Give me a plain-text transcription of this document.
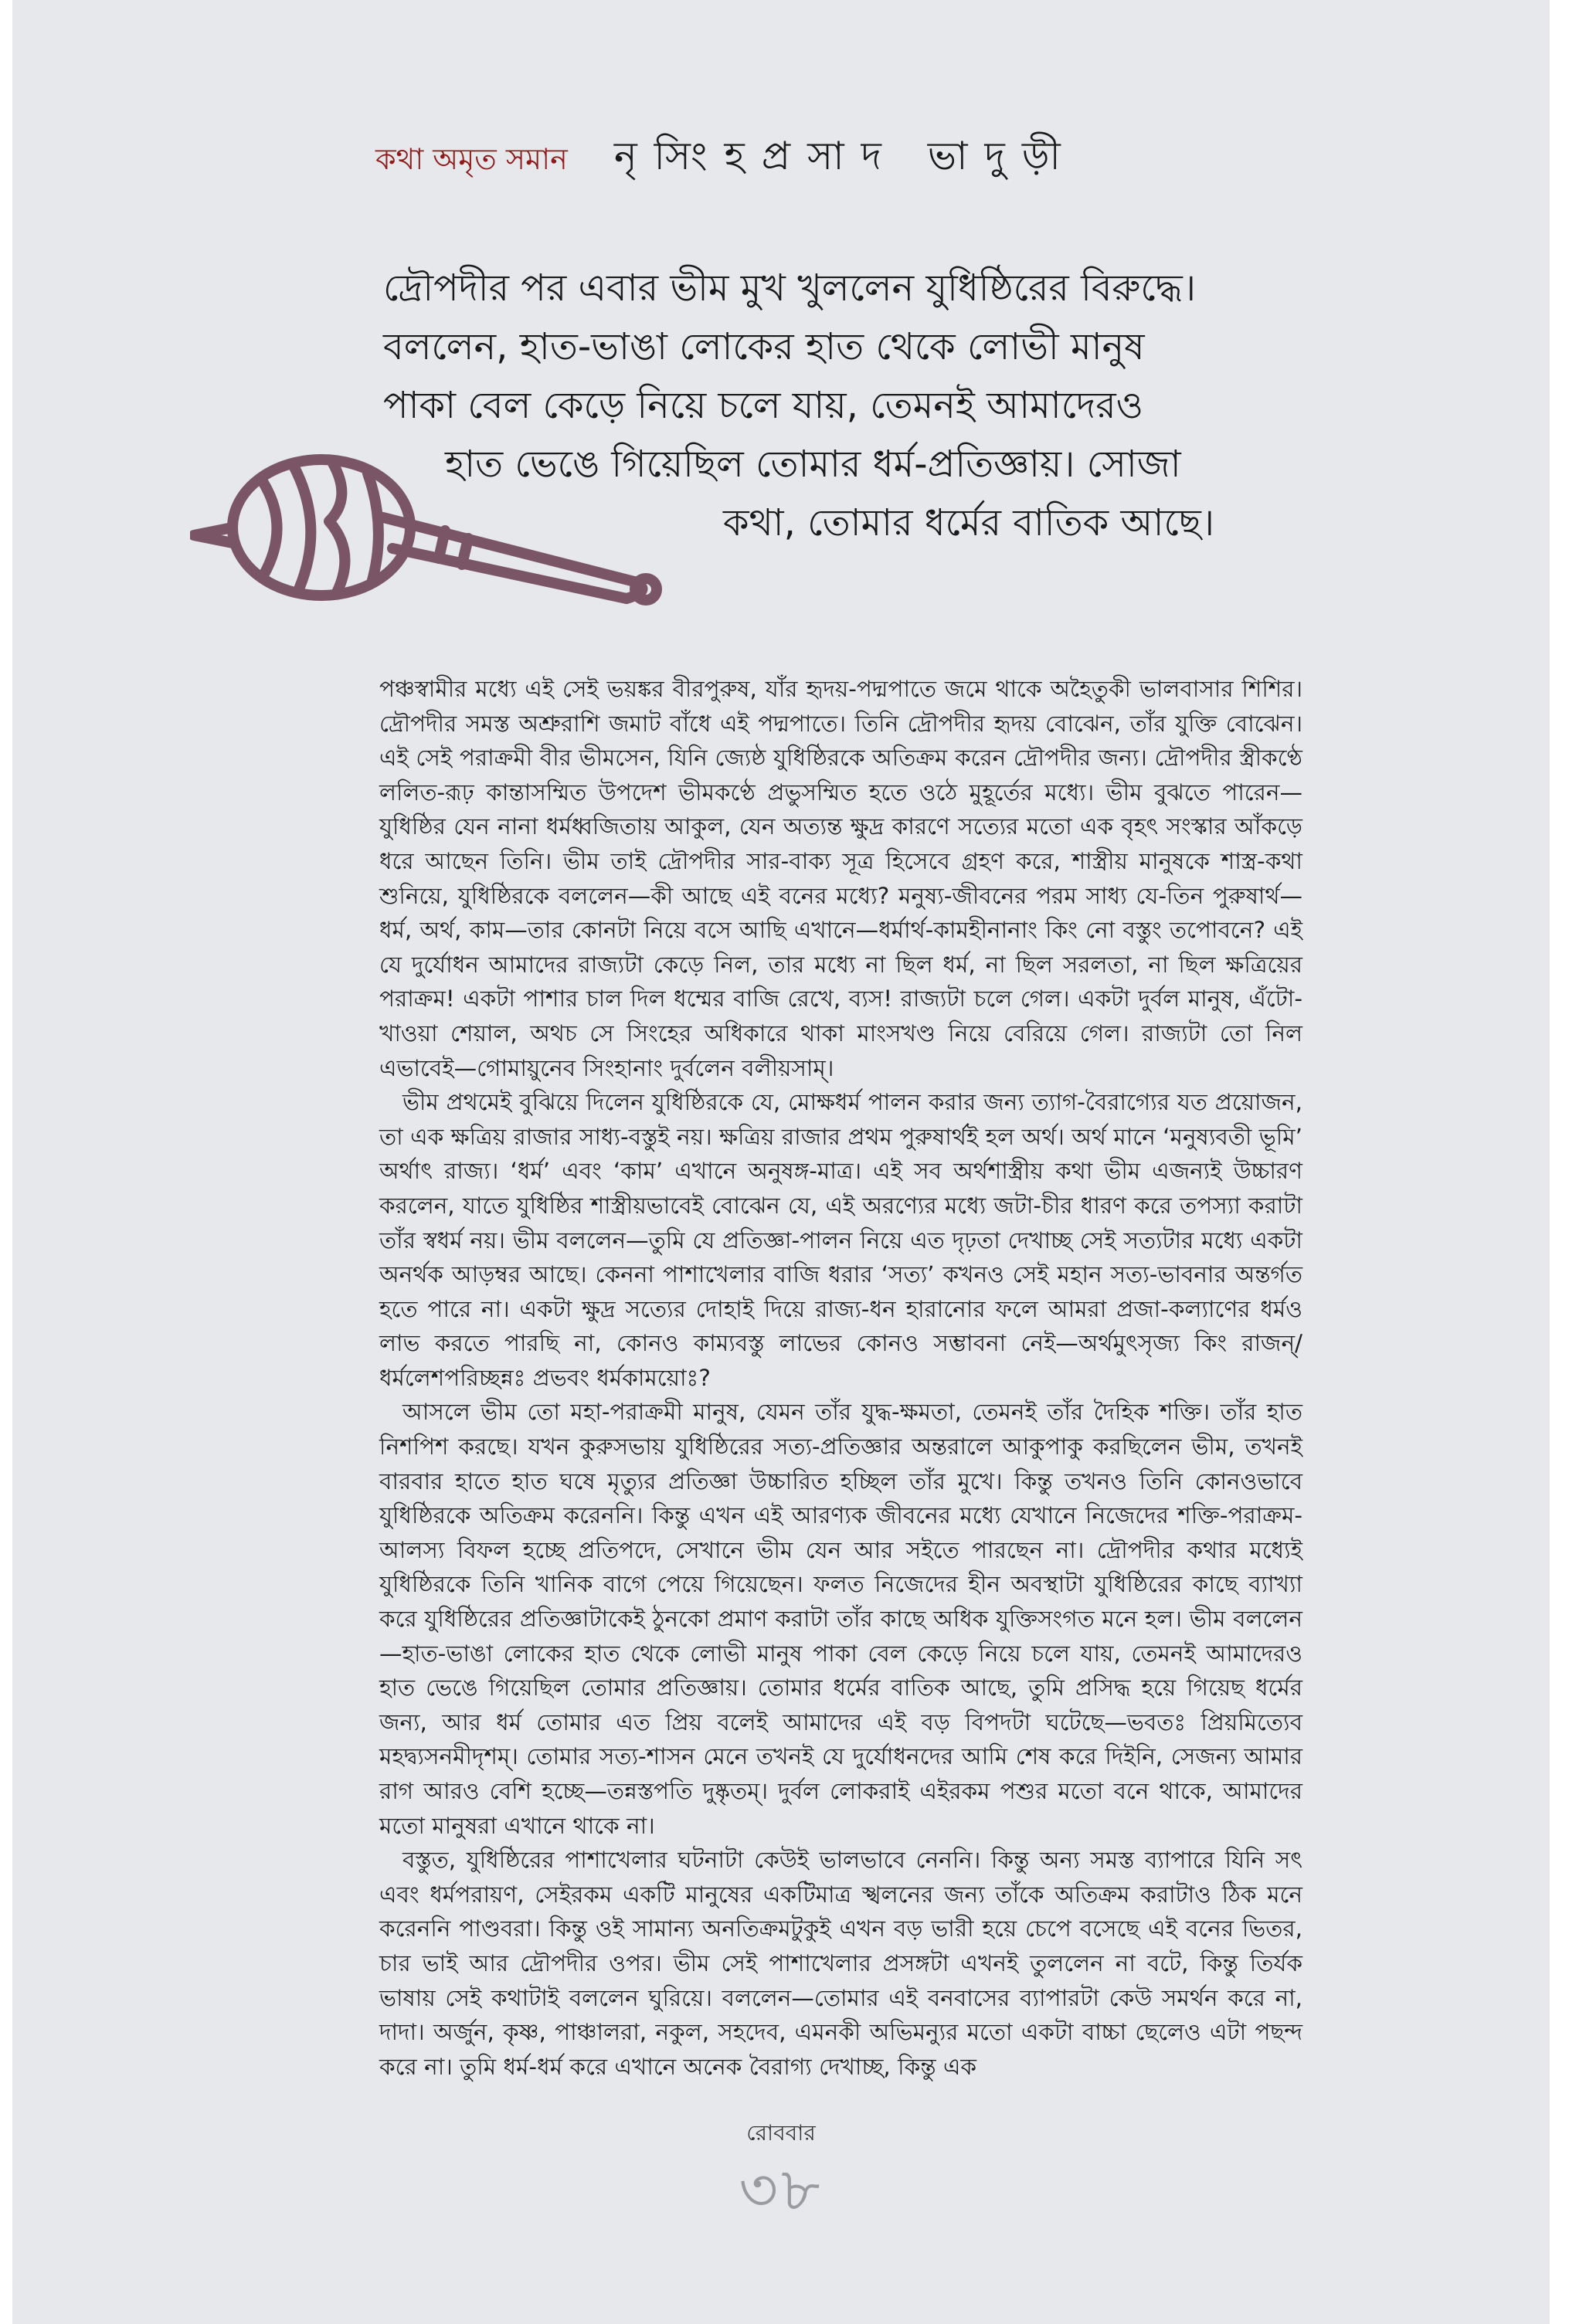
কথা অমৃত সমান নৃসিংহপ্রসাদ ভাদুড়ী
দ্রৌপদীর পর এবার ভীম মুখ খুললেন যুধিষ্ঠিরের বিরুদ্ধে।
বললেন, হাত-ভাঙা লোকের হাত থেকে লোভী মানুষ
পাকা বেল কেড়ে নিয়ে চলে যায়, তেমনই আমাদেরও
হাত ভেঙে গিয়েছিল তোমার ধর্ম-প্রতিজ্ঞায়। সোজা
কথা, তোমার ধর্মের বাতিক আছে।

পঞ্চস্বামীর মধ্যে এই সেই ভয়ঙ্কর বীরপুরুষ, যাঁর হৃদয়-পদ্মপাতে জমে থাকে অহৈতুকী ভালবাসার শিশির। দ্রৌপদীর সমস্ত অশ্রুরাশি জমাট বাঁধে এই পদ্মপাতে। তিনি দ্রৌপদীর হৃদয় বোঝেন, তাঁর যুক্তি বোঝেন। এই সেই পরাক্রমী বীর ভীমসেন, যিনি জ্যেষ্ঠ যুধিষ্ঠিরকে অতিক্রম করেন দ্রৌপদীর জন্য। দ্রৌপদীর স্ত্রীকণ্ঠে ললিত-রূঢ় কান্তাসম্মিত উপদেশ ভীমকণ্ঠে প্রভুসম্মিত হতে ওঠে মুহূর্তের মধ্যে। ভীম বুঝতে পারেন—যুধিষ্ঠির যেন নানা ধর্মধ্বজিতায় আকুল, যেন অত্যন্ত ক্ষুদ্র কারণে সত্যের মতো এক বৃহৎ সংস্কার আঁকড়ে ধরে আছেন তিনি। ভীম তাই দ্রৌপদীর সার-বাক্য সূত্র হিসেবে গ্রহণ করে, শাস্ত্রীয় মানুষকে শাস্ত্র-কথা শুনিয়ে, যুধিষ্ঠিরকে বললেন—কী আছে এই বনের মধ্যে? মনুষ্য-জীবনের পরম সাধ্য যে-তিন পুরুষার্থ—ধর্ম, অর্থ, কাম—তার কোনটা নিয়ে বসে আছি এখানে—ধর্মার্থ-কামহীনানাং কিং নো বস্তুং তপোবনে? এই যে দুর্যোধন আমাদের রাজ্যটা কেড়ে নিল, তার মধ্যে না ছিল ধর্ম, না ছিল সরলতা, না ছিল ক্ষত্রিয়ের পরাক্রম! একটা পাশার চাল দিল ধম্মের বাজি রেখে, ব্যস! রাজ্যটা চলে গেল। একটা দুর্বল মানুষ, এঁটো-খাওয়া শেয়াল, অথচ সে সিংহের অধিকারে থাকা মাংসখণ্ড নিয়ে বেরিয়ে গেল। রাজ্যটা তো নিল এভাবেই—গোমায়ুনেব সিংহানাং দুর্বলেন বলীয়সাম্।

ভীম প্রথমেই বুঝিয়ে দিলেন যুধিষ্ঠিরকে যে, মোক্ষধর্ম পালন করার জন্য ত্যাগ-বৈরাগ্যের যত প্রয়োজন, তা এক ক্ষত্রিয় রাজার সাধ্য-বস্তুই নয়। ক্ষত্রিয় রাজার প্রথম পুরুষার্থই হল অর্থ। অর্থ মানে ‘মনুষ্যবতী ভূমি’ অর্থাৎ রাজ্য। ‘ধর্ম’ এবং ‘কাম’ এখানে অনুষঙ্গ-মাত্র। এই সব অর্থশাস্ত্রীয় কথা ভীম এজন্যই উচ্চারণ করলেন, যাতে যুধিষ্ঠির শাস্ত্রীয়ভাবেই বোঝেন যে, এই অরণ্যের মধ্যে জটা-চীর ধারণ করে তপস্যা করাটা তাঁর স্বধর্ম নয়। ভীম বললেন—তুমি যে প্রতিজ্ঞা-পালন নিয়ে এত দৃঢ়তা দেখাচ্ছ সেই সত্যটার মধ্যে একটা অনর্থক আড়ম্বর আছে। কেননা পাশাখেলার বাজি ধরার ‘সত্য’ কখনও সেই মহান সত্য-ভাবনার অন্তর্গত হতে পারে না। একটা ক্ষুদ্র সত্যের দোহাই দিয়ে রাজ্য-ধন হারানোর ফলে আমরা প্রজা-কল্যাণের ধর্মও লাভ করতে পারছি না, কোনও কাম্যবস্তু লাভের কোনও সম্ভাবনা নেই—অর্থমুৎসৃজ্য কিং রাজন্/ধর্মলেশপরিচ্ছন্নঃ প্রভবং ধর্মকাময়োঃ?

আসলে ভীম তো মহা-পরাক্রমী মানুষ, যেমন তাঁর যুদ্ধ-ক্ষমতা, তেমনই তাঁর দৈহিক শক্তি। তাঁর হাত নিশপিশ করছে। যখন কুরুসভায় যুধিষ্ঠিরের সত্য-প্রতিজ্ঞার অন্তরালে আকুপাকু করছিলেন ভীম, তখনই বারবার হাতে হাত ঘষে মৃত্যুর প্রতিজ্ঞা উচ্চারিত হচ্ছিল তাঁর মুখে। কিন্তু তখনও তিনি কোনওভাবে যুধিষ্ঠিরকে অতিক্রম করেননি। কিন্তু এখন এই আরণ্যক জীবনের মধ্যে যেখানে নিজেদের শক্তি-পরাক্রম-আলস্য বিফল হচ্ছে প্রতিপদে, সেখানে ভীম যেন আর সইতে পারছেন না। দ্রৌপদীর কথার মধ্যেই যুধিষ্ঠিরকে তিনি খানিক বাগে পেয়ে গিয়েছেন। ফলত নিজেদের হীন অবস্থাটা যুধিষ্ঠিরের কাছে ব্যাখ্যা করে যুধিষ্ঠিরের প্রতিজ্ঞাটাকেই ঠুনকো প্রমাণ করাটা তাঁর কাছে অধিক যুক্তিসংগত মনে হল। ভীম বললেন—হাত-ভাঙা লোকের হাত থেকে লোভী মানুষ পাকা বেল কেড়ে নিয়ে চলে যায়, তেমনই আমাদেরও হাত ভেঙে গিয়েছিল তোমার প্রতিজ্ঞায়। তোমার ধর্মের বাতিক আছে, তুমি প্রসিদ্ধ হয়ে গিয়েছ ধর্মের জন্য, আর ধর্ম তোমার এত প্রিয় বলেই আমাদের এই বড় বিপদটা ঘটেছে—ভবতঃ প্রিয়মিত্যেব মহদ্ব্যসনমীদৃশম্। তোমার সত্য-শাসন মেনে তখনই যে দুর্যোধনদের আমি শেষ করে দিইনি, সেজন্য আমার রাগ আরও বেশি হচ্ছে—তন্নস্তপতি দুষ্কৃতম্। দুর্বল লোকরাই এইরকম পশুর মতো বনে থাকে, আমাদের মতো মানুষরা এখানে থাকে না।

বস্তুত, যুধিষ্ঠিরের পাশাখেলার ঘটনাটা কেউই ভালভাবে নেননি। কিন্তু অন্য সমস্ত ব্যাপারে যিনি সৎ এবং ধর্মপরায়ণ, সেইরকম একটি মানুষের একটিমাত্র স্খলনের জন্য তাঁকে অতিক্রম করাটাও ঠিক মনে করেননি পাণ্ডবরা। কিন্তু ওই সামান্য অনতিক্রমটুকুই এখন বড় ভারী হয়ে চেপে বসেছে এই বনের ভিতর, চার ভাই আর দ্রৌপদীর ওপর। ভীম সেই পাশাখেলার প্রসঙ্গটা এখনই তুললেন না বটে, কিন্তু তির্যক ভাষায় সেই কথাটাই বললেন ঘুরিয়ে। বললেন—তোমার এই বনবাসের ব্যাপারটা কেউ সমর্থন করে না, দাদা। অর্জুন, কৃষ্ণ, পাঞ্চালরা, নকুল, সহদেব, এমনকী অভিমন্যুর মতো একটা বাচ্চা ছেলেও এটা পছন্দ করে না। তুমি ধর্ম-ধর্ম করে এখানে অনেক বৈরাগ্য দেখাচ্ছ, কিন্তু এক

রোববার
৩৮
